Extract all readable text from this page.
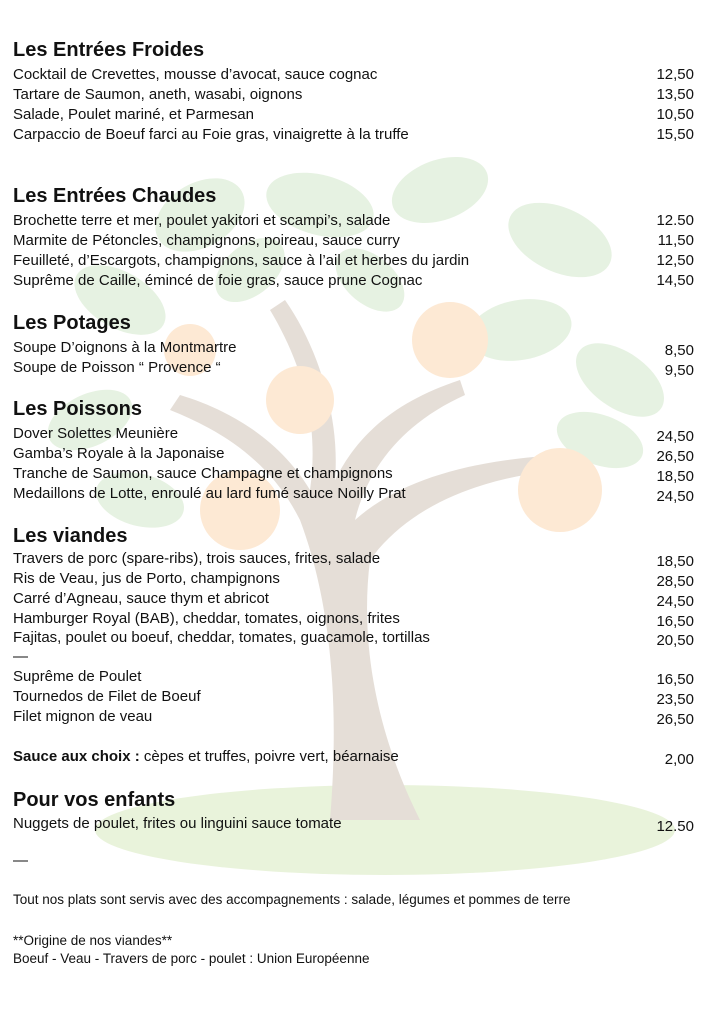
Les Entrées Froides
Cocktail de Crevettes, mousse d’avocat, sauce cognac	12,50
Tartare de Saumon, aneth, wasabi, oignons	13,50
Salade, Poulet mariné, et Parmesan	10,50
Carpaccio de Boeuf farci au Foie gras, vinaigrette à la truffe	15,50
Les Entrées Chaudes
Brochette terre et mer, poulet yakitori et scampi’s, salade	12.50
Marmite de Pétoncles, champignons, poireau, sauce curry	11,50
Feuilleté, d’Escargots, champignons, sauce à l’ail et herbes du jardin	12,50
Suprême de Caille, émincé de foie gras, sauce prune Cognac	14,50
Les Potages
Soupe D’oignons à la Montmartre	8,50
Soupe de Poisson “ Provence “	9,50
Les Poissons
Dover Solettes Meunière	24,50
Gamba’s Royale à la Japonaise	26,50
Tranche de Saumon, sauce Champagne et champignons	18,50
Medaillons de Lotte, enroulé au lard fumé sauce Noilly Prat	24,50
Les viandes
Travers de porc (spare-ribs), trois sauces, frites, salade	18,50
Ris de Veau, jus de Porto, champignons	28,50
Carré d’Agneau, sauce thym et abricot	24,50
Hamburger Royal (BAB), cheddar, tomates, oignons, frites	16,50
Fajitas, poulet ou boeuf, cheddar, tomates, guacamole, tortillas	20,50
—
Suprême de Poulet	16,50
Tournedos de Filet de Boeuf	23,50
Filet mignon de veau	26,50
Sauce aux choix : cèpes et truffes, poivre vert, béarnaise	2,00
Pour vos enfants
Nuggets de poulet, frites ou linguini sauce tomate	12.50
—
Tout nos plats sont servis avec des accompagnements : salade, légumes et pommes de terre
**Origine de nos viandes**
Boeuf - Veau - Travers de porc - poulet : Union Européenne
